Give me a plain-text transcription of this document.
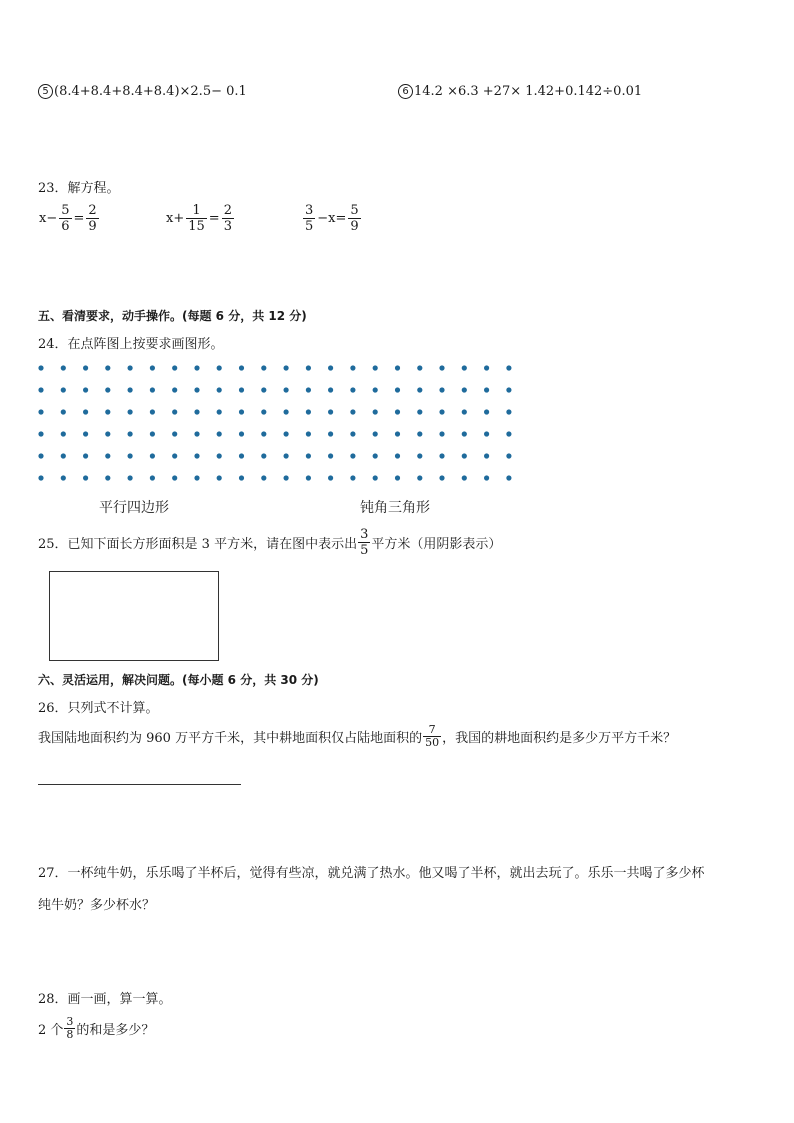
5 (8.4+8.4+8.4+8.4)×2.5− 0.1	6 14.2 ×6.3 +27× 1.42+0.142÷0.01
23．解方程。
$x- \frac{5}{6} = \frac{2}{9}$	$x+ \frac{1}{15} = \frac{2}{3}$	$\frac{3}{5} -x= \frac{5}{9}$
五、看清要求，动手操作。(每题 6 分，共 12 分)
24．在点阵图上按要求画图形。
平行四边形	钝角三角形
25．已知下面长方形面积是 3 平方米，请在图中表示出 $\frac{3}{5}$ 平方米（用阴影表示）
六、灵活运用，解决问题。(每小题 6 分，共 30 分)
26．只列式不计算。
我国陆地面积约为 960 万平方千米，其中耕地面积仅占陆地面积的 $\frac{7}{50}$ ，我国的耕地面积约是多少万平方千米？
27．一杯纯牛奶，乐乐喝了半杯后，觉得有些凉，就兑满了热水。他又喝了半杯，就出去玩了。乐乐一共喝了多少杯
纯牛奶？多少杯水？
28．画一画，算一算。
2 个 $\frac{3}{8}$ 的和是多少？
